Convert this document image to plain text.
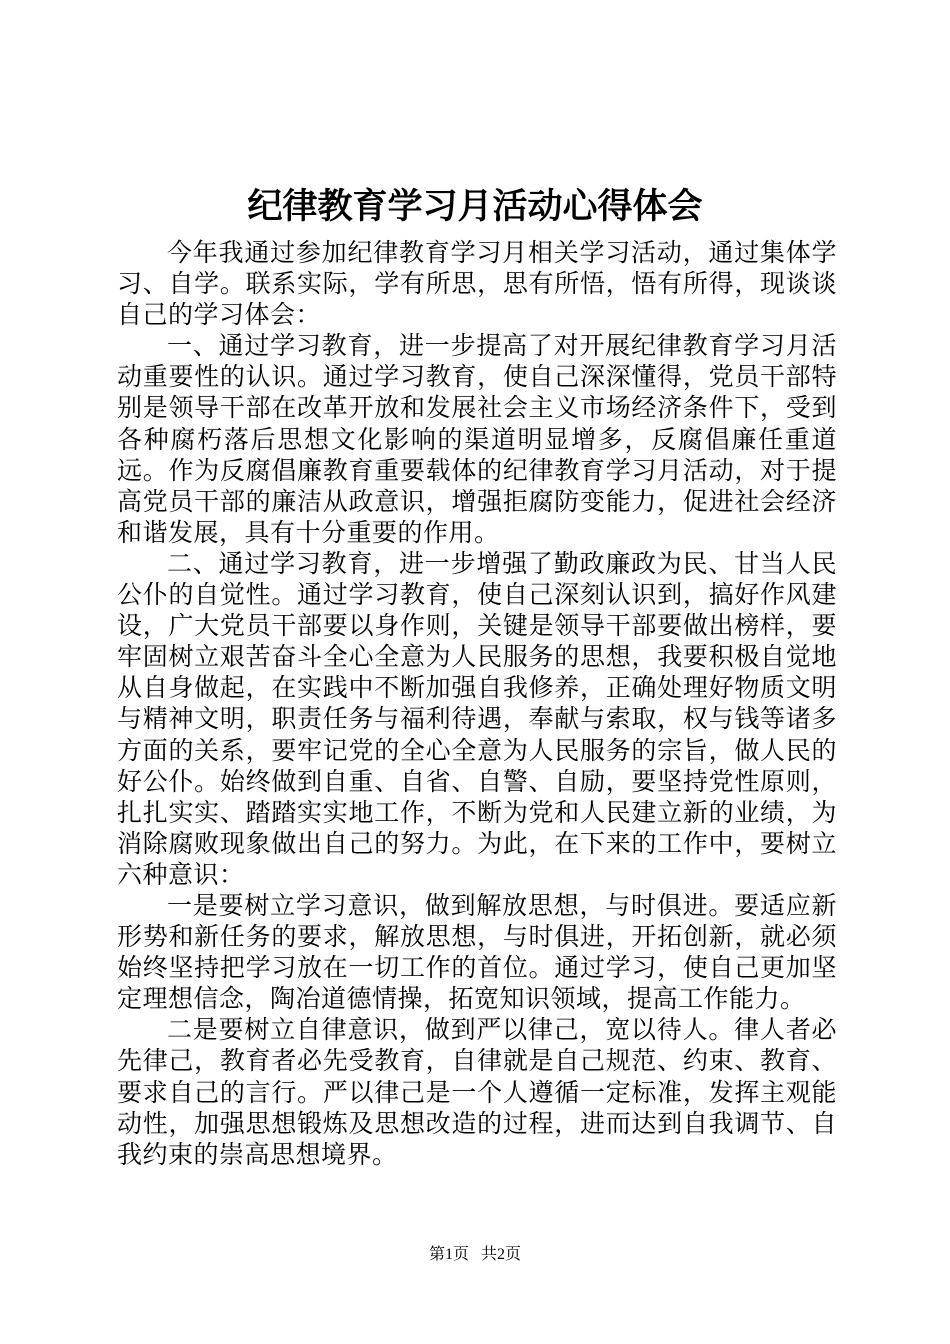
纪律教育学习月活动心得体会

今年我通过参加纪律教育学习月相关学习活动，通过集体学习、自学。联系实际，学有所思，思有所悟，悟有所得，现谈谈自己的学习体会：

一、通过学习教育，进一步提高了对开展纪律教育学习月活动重要性的认识。通过学习教育，使自己深深懂得，党员干部特别是领导干部在改革开放和发展社会主义市场经济条件下，受到各种腐朽落后思想文化影响的渠道明显增多，反腐倡廉任重道远。作为反腐倡廉教育重要载体的纪律教育学习月活动，对于提高党员干部的廉洁从政意识，增强拒腐防变能力，促进社会经济和谐发展，具有十分重要的作用。

二、通过学习教育，进一步增强了勤政廉政为民、甘当人民公仆的自觉性。通过学习教育，使自己深刻认识到，搞好作风建设，广大党员干部要以身作则，关键是领导干部要做出榜样，要牢固树立艰苦奋斗全心全意为人民服务的思想，我要积极自觉地从自身做起，在实践中不断加强自我修养，正确处理好物质文明与精神文明，职责任务与福利待遇，奉献与索取，权与钱等诸多方面的关系，要牢记党的全心全意为人民服务的宗旨，做人民的好公仆。始终做到自重、自省、自警、自励，要坚持党性原则，扎扎实实、踏踏实实地工作，不断为党和人民建立新的业绩，为消除腐败现象做出自己的努力。为此，在下来的工作中，要树立六种意识：

一是要树立学习意识，做到解放思想，与时俱进。要适应新形势和新任务的要求，解放思想，与时俱进，开拓创新，就必须始终坚持把学习放在一切工作的首位。通过学习，使自己更加坚定理想信念，陶冶道德情操，拓宽知识领域，提高工作能力。

二是要树立自律意识，做到严以律己，宽以待人。律人者必先律己，教育者必先受教育，自律就是自己规范、约束、教育、要求自己的言行。严以律己是一个人遵循一定标准，发挥主观能动性，加强思想锻炼及思想改造的过程，进而达到自我调节、自我约束的崇高思想境界。

第1页 共2页
